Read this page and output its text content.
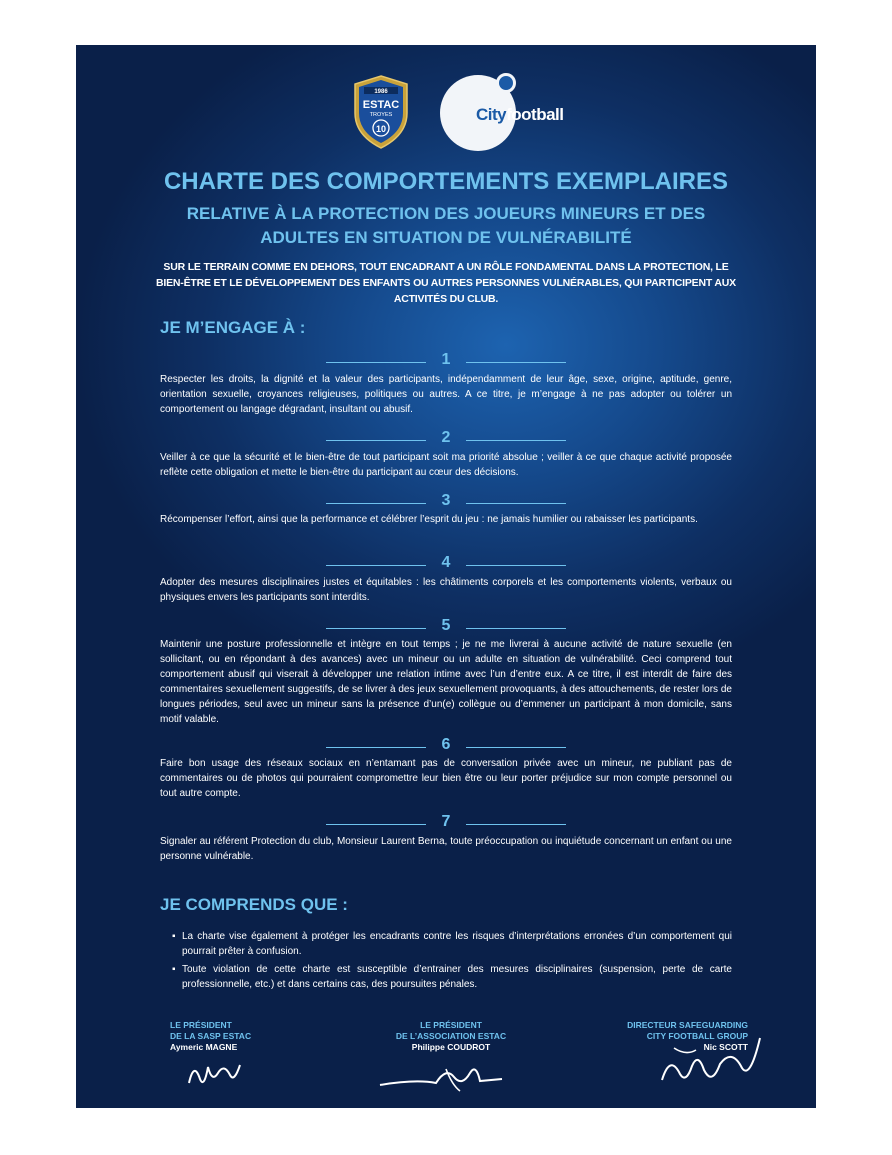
1986
ESTAC
TROYES
10
Cityfootball
CHARTE DES COMPORTEMENTS EXEMPLAIRES
RELATIVE À LA PROTECTION DES JOUEURS MINEURS ET DES
ADULTES EN SITUATION DE VULNÉRABILITÉ
SUR LE TERRAIN COMME EN DEHORS, TOUT ENCADRANT A UN RÔLE FONDAMENTAL DANS LA PROTECTION, LE BIEN-ÊTRE ET LE DÉVELOPPEMENT DES ENFANTS OU AUTRES PERSONNES VULNÉRABLES, QUI PARTICIPENT AUX ACTIVITÉS DU CLUB.
JE M’ENGAGE À :
1
Respecter les droits, la dignité et la valeur des participants, indépendamment de leur âge, sexe, origine, aptitude, genre, orientation sexuelle, croyances religieuses, politiques ou autres. A ce titre, je m’engage à ne pas adopter ou tolérer un comportement ou langage dégradant, insultant ou abusif.
2
Veiller à ce que la sécurité et le bien-être de tout participant soit ma priorité absolue ; veiller à ce que chaque activité proposée reflète cette obligation et mette le bien-être du participant au cœur des décisions.
3
Récompenser l’effort, ainsi que la performance et célébrer l’esprit du jeu : ne jamais humilier ou rabaisser les participants.
4
Adopter des mesures disciplinaires justes et équitables : les châtiments corporels et les comportements violents, verbaux ou physiques envers les participants sont interdits.
5
Maintenir une posture professionnelle et intègre en tout temps ; je ne me livrerai à aucune activité de nature sexuelle (en sollicitant, ou en répondant à des avances) avec un mineur ou un adulte en situation de vulnérabilité. Ceci comprend tout comportement abusif qui viserait à développer une relation intime avec l’un d’entre eux. A ce titre, il est interdit de faire des commentaires sexuellement suggestifs, de se livrer à des jeux sexuellement provoquants, à des attouchements, de rester lors de longues périodes, seul avec un mineur sans la présence d’un(e) collègue ou d’emmener un participant à mon domicile, sans motif valable.
6
Faire bon usage des réseaux sociaux en n’entamant pas de conversation privée avec un mineur, ne publiant pas de commentaires ou de photos qui pourraient compromettre leur bien être ou leur porter préjudice sur mon compte personnel ou tout autre compte.
7
Signaler au référent Protection du club, Monsieur Laurent Berna, toute préoccupation ou inquiétude concernant un enfant ou une personne vulnérable.
JE COMPRENDS QUE :
▪ La charte vise également à protéger les encadrants contre les risques d’interprétations erronées d’un comportement qui pourrait prêter à confusion.
▪ Toute violation de cette charte est susceptible d’entrainer des mesures disciplinaires (suspension, perte de carte professionnelle, etc.) et dans certains cas, des poursuites pénales.
LE PRÉSIDENT
DE LA SASP ESTAC
Aymeric MAGNE
LE PRÉSIDENT
DE L’ASSOCIATION ESTAC
Philippe COUDROT
DIRECTEUR SAFEGUARDING
CITY FOOTBALL GROUP
Nic SCOTT
